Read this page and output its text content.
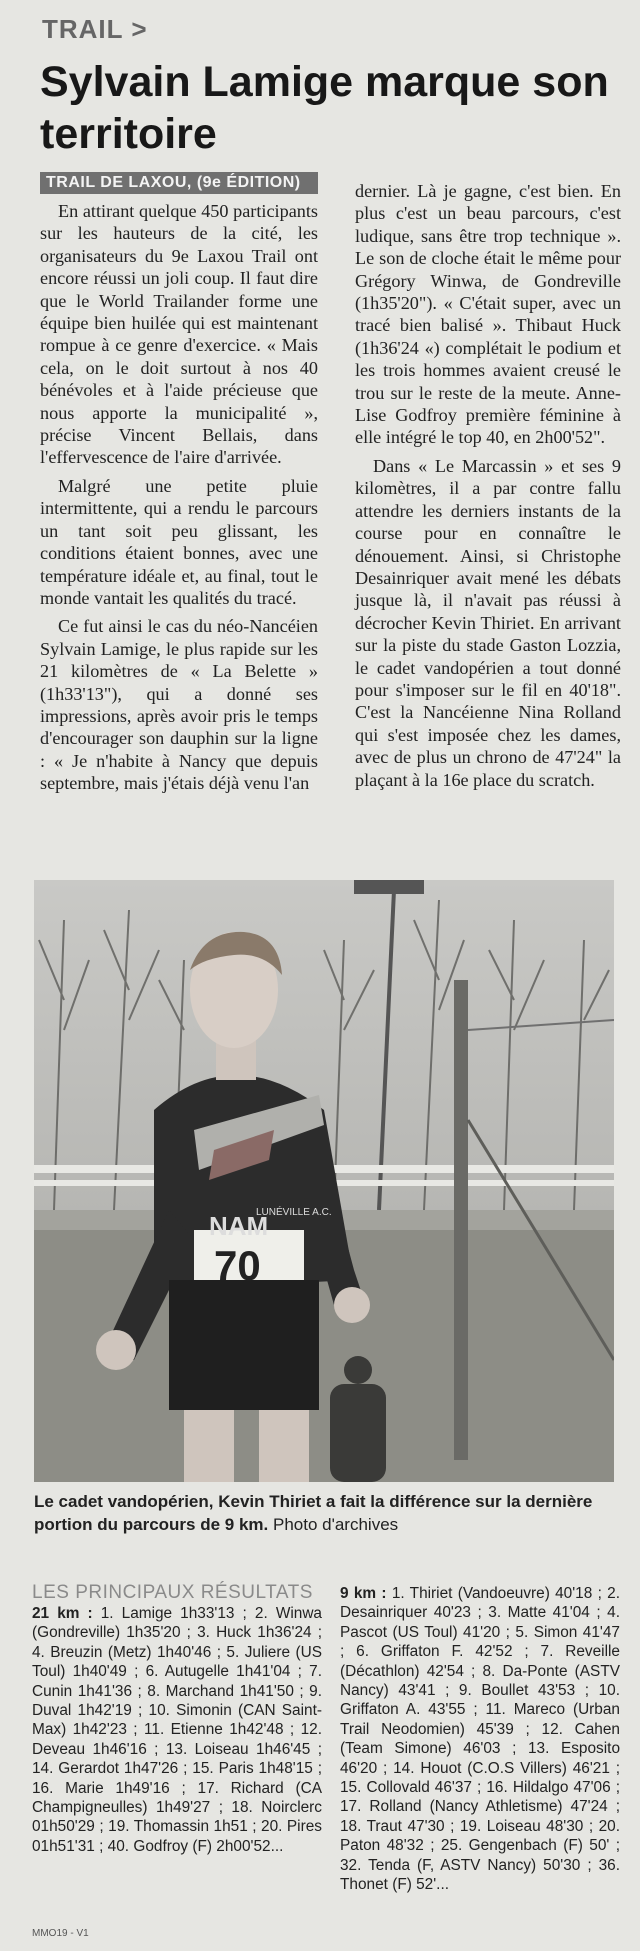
TRAIL >
Sylvain Lamige marque son territoire
TRAIL DE LAXOU, (9e ÉDITION)

En attirant quelque 450 participants sur les hauteurs de la cité, les organisateurs du 9e Laxou Trail ont encore réussi un joli coup. Il faut dire que le World Trailander forme une équipe bien huilée qui est maintenant rompue à ce genre d'exercice. « Mais cela, on le doit surtout à nos 40 bénévoles et à l'aide précieuse que nous apporte la municipalité », précise Vincent Bellais, dans l'effervescence de l'aire d'arrivée.

Malgré une petite pluie intermittente, qui a rendu le parcours un tant soit peu glissant, les conditions étaient bonnes, avec une température idéale et, au final, tout le monde vantait les qualités du tracé.

Ce fut ainsi le cas du néo-Nancéien Sylvain Lamige, le plus rapide sur les 21 kilomètres de « La Belette » (1h33'13"), qui a donné ses impressions, après avoir pris le temps d'encourager son dauphin sur la ligne : « Je n'habite à Nancy que depuis septembre, mais j'étais déjà venu l'an

dernier. Là je gagne, c'est bien. En plus c'est un beau parcours, c'est ludique, sans être trop technique ». Le son de cloche était le même pour Grégory Winwa, de Gondreville (1h35'20"). « C'était super, avec un tracé bien balisé ». Thibaut Huck (1h36'24 «) complétait le podium et les trois hommes avaient creusé le trou sur le reste de la meute. Anne-Lise Godfroy première féminine à elle intégré le top 40, en 2h00'52".

Dans « Le Marcassin » et ses 9 kilomètres, il a par contre fallu attendre les derniers instants de la course pour en connaître le dénouement. Ainsi, si Christophe Desainriquer avait mené les débats jusque là, il n'avait pas réussi à décrocher Kevin Thiriet. En arrivant sur la piste du stade Gaston Lozzia, le cadet vandopérien a tout donné pour s'imposer sur le fil en 40'18". C'est la Nancéienne Nina Rolland qui s'est imposée chez les dames, avec de plus un chrono de 47'24" la plaçant à la 16e place du scratch.

NAM
LUNÉVILLE A.C.
70
Le cadet vandopérien, Kevin Thiriet a fait la différence sur la dernière portion du parcours de 9 km. Photo d'archives
LES PRINCIPAUX RÉSULTATS
21 km : 1. Lamige 1h33'13 ; 2. Winwa (Gondreville) 1h35'20 ; 3. Huck 1h36'24 ; 4. Breuzin (Metz) 1h40'46 ; 5. Juliere (US Toul) 1h40'49 ; 6. Autugelle 1h41'04 ; 7. Cunin 1h41'36 ; 8. Marchand 1h41'50 ; 9. Duval 1h42'19 ; 10. Simonin (CAN Saint-Max) 1h42'23 ; 11. Etienne 1h42'48 ; 12. Deveau 1h46'16 ; 13. Loiseau 1h46'45 ; 14. Gerardot 1h47'26 ; 15. Paris 1h48'15 ; 16. Marie 1h49'16 ; 17. Richard (CA Champigneulles) 1h49'27 ; 18. Noirclerc 01h50'29 ; 19. Thomassin 1h51 ; 20. Pires 01h51'31 ; 40. Godfroy (F) 2h00'52...
9 km : 1. Thiriet (Vandoeuvre) 40'18 ; 2. Desainriquer 40'23 ; 3. Matte 41'04 ; 4. Pascot (US Toul) 41'20 ; 5. Simon 41'47 ; 6. Griffaton F. 42'52 ; 7. Reveille (Décathlon) 42'54 ; 8. Da-Ponte (ASTV Nancy) 43'41 ; 9. Boullet 43'53 ; 10. Griffaton A. 43'55 ; 11. Mareco (Urban Trail Neodomien) 45'39 ; 12. Cahen (Team Simone) 46'03 ; 13. Esposito 46'20 ; 14. Houot (C.O.S Villers) 46'21 ; 15. Collovald 46'37 ; 16. Hildalgo 47'06 ; 17. Rolland (Nancy Athletisme) 47'24 ; 18. Traut 47'30 ; 19. Loiseau 48'30 ; 20. Paton 48'32 ; 25. Gengenbach (F) 50' ; 32. Tenda (F, ASTV Nancy) 50'30 ; 36. Thonet (F) 52'...
MMO19 - V1
